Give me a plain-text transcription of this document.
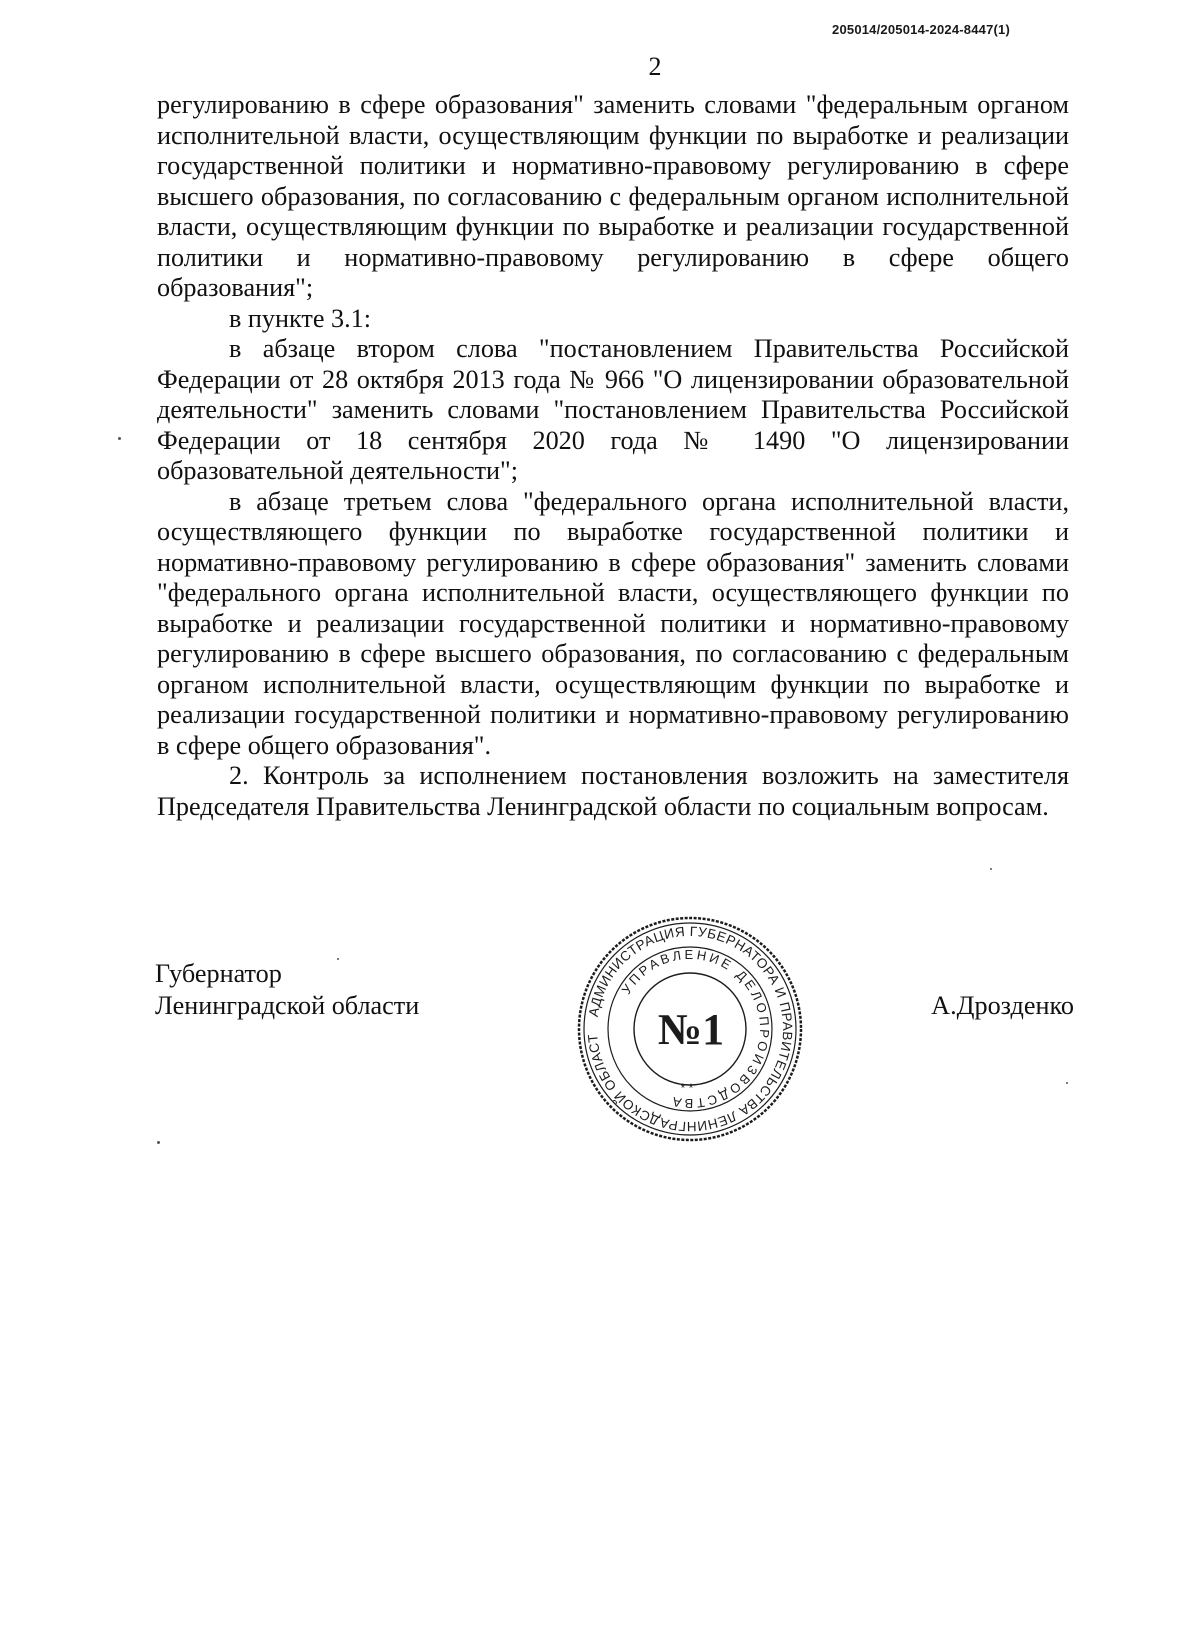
205014/205014-2024-8447(1)
2

регулированию в сфере образования" заменить словами "федеральным органом исполнительной власти, осуществляющим функции по выработке и реализации государственной политики и нормативно-правовому регулированию в сфере высшего образования, по согласованию с федеральным органом исполнительной власти, осуществляющим функции по выработке и реализации государственной политики и нормативно-правовому регулированию в сфере общего образования";

в пункте 3.1:

в абзаце втором слова "постановлением Правительства Российской Федерации от 28 октября 2013 года № 966 "О лицензировании образовательной деятельности" заменить словами "постановлением Правительства Российской Федерации от 18 сентября 2020 года № 1490 "О лицензировании образовательной деятельности";

в абзаце третьем слова "федерального органа исполнительной власти, осуществляющего функции по выработке государственной политики и нормативно-правовому регулированию в сфере образования" заменить словами "федерального органа исполнительной власти, осуществляющего функции по выработке и реализации государственной политики и нормативно-правовому регулированию в сфере высшего образования, по согласованию с федеральным органом исполнительной власти, осуществляющим функции по выработке и реализации государственной политики и нормативно-правовому регулированию в сфере общего образования".

2. Контроль за исполнением постановления возложить на заместителя Председателя Правительства Ленинградской области по социальным вопросам.

Губернатор
Ленинградской области	А.Дрозденко
АДМИНИСТРАЦИЯ ГУБЕРНАТОРА И ПРАВИТЕЛЬСТВА ЛЕНИНГРАДСКОЙ ОБЛАСТ
УПРАВЛЕНИЕ ДЕЛОПРОИЗВОДСТВА
№1
* *
